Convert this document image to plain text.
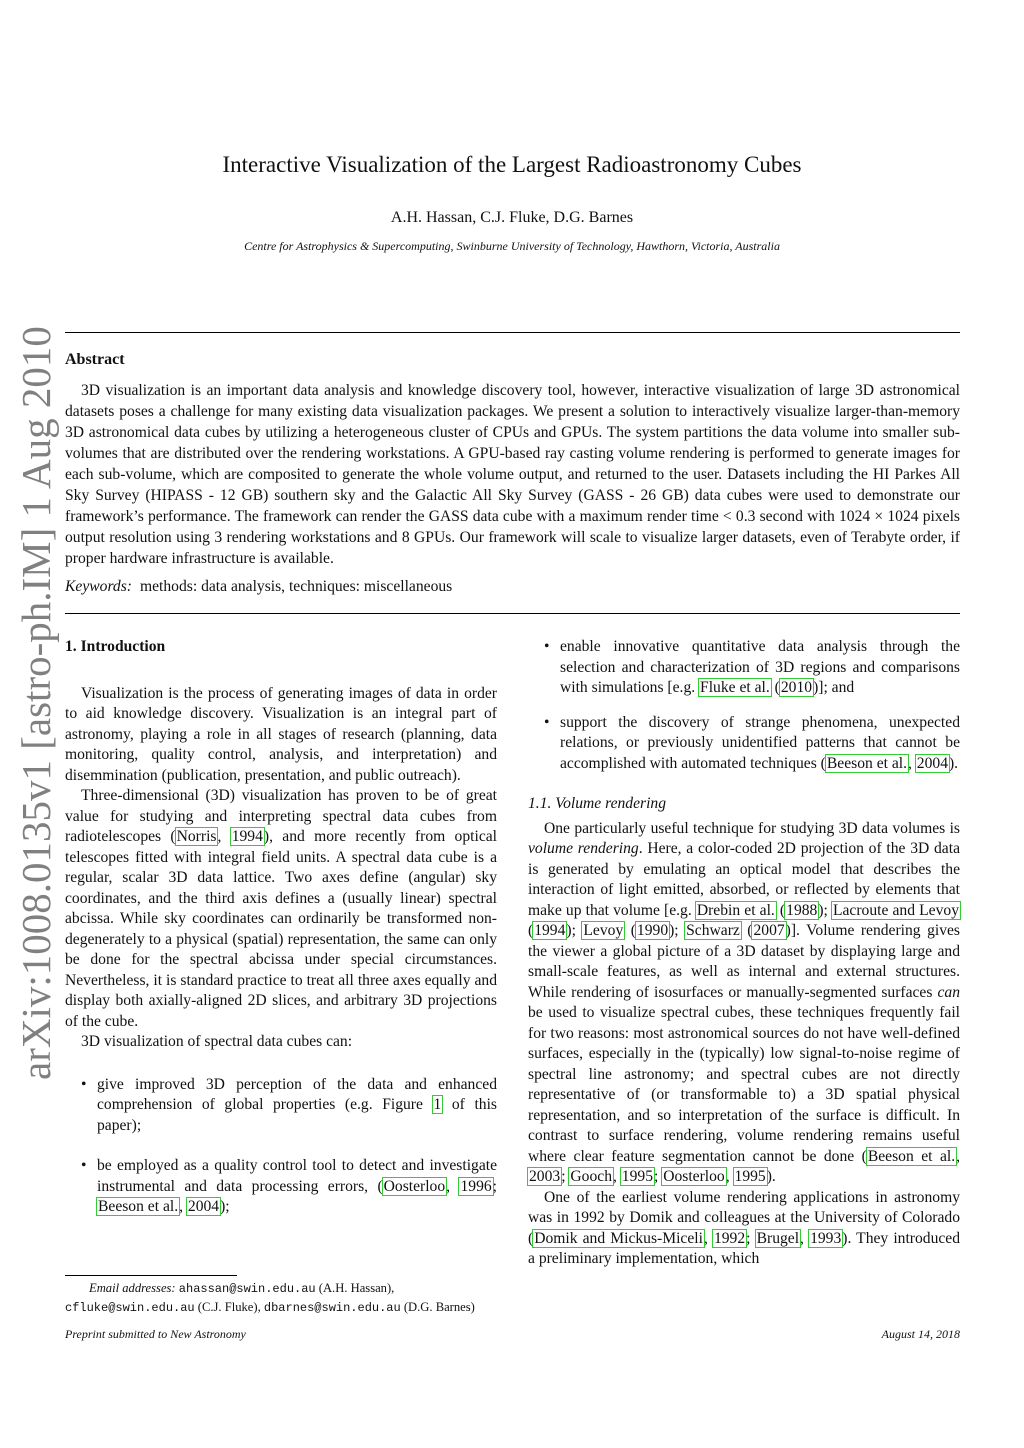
arXiv:1008.0135v1 [astro-ph.IM] 1 Aug 2010
Interactive Visualization of the Largest Radioastronomy Cubes
A.H. Hassan, C.J. Fluke, D.G. Barnes
Centre for Astrophysics & Supercomputing, Swinburne University of Technology, Hawthorn, Victoria, Australia
Abstract

3D visualization is an important data analysis and knowledge discovery tool, however, interactive visualization of large 3D astronomical datasets poses a challenge for many existing data visualization packages. We present a solution to interactively visualize larger-than-memory 3D astronomical data cubes by utilizing a heterogeneous cluster of CPUs and GPUs. The system partitions the data volume into smaller sub-volumes that are distributed over the rendering workstations. A GPU-based ray casting volume rendering is performed to generate images for each sub-volume, which are composited to generate the whole volume output, and returned to the user. Datasets including the HI Parkes All Sky Survey (HIPASS - 12 GB) southern sky and the Galactic All Sky Survey (GASS - 26 GB) data cubes were used to demonstrate our framework’s performance. The framework can render the GASS data cube with a maximum render time < 0.3 second with 1024 × 1024 pixels output resolution using 3 rendering workstations and 8 GPUs. Our framework will scale to visualize larger datasets, even of Terabyte order, if proper hardware infrastructure is available.

Keywords: methods: data analysis, techniques: miscellaneous
1. Introduction

Visualization is the process of generating images of data in order to aid knowledge discovery. Visualization is an integral part of astronomy, playing a role in all stages of research (planning, data monitoring, quality control, analysis, and interpretation) and disemmination (publication, presentation, and public outreach).

Three-dimensional (3D) visualization has proven to be of great value for studying and interpreting spectral data cubes from radiotelescopes (Norris, 1994), and more recently from optical telescopes fitted with integral field units. A spectral data cube is a regular, scalar 3D data lattice. Two axes define (angular) sky coordinates, and the third axis defines a (usually linear) spectral abcissa. While sky coordinates can ordinarily be transformed non-degenerately to a physical (spatial) representation, the same can only be done for the spectral abcissa under special circumstances. Nevertheless, it is standard practice to treat all three axes equally and display both axially-aligned 2D slices, and arbitrary 3D projections of the cube.

3D visualization of spectral data cubes can:

• give improved 3D perception of the data and enhanced comprehension of global properties (e.g. Figure 1 of this paper);
• be employed as a quality control tool to detect and investigate instrumental and data processing errors, (Oosterloo, 1996; Beeson et al., 2004);
• enable innovative quantitative data analysis through the selection and characterization of 3D regions and comparisons with simulations [e.g. Fluke et al. (2010)]; and
• support the discovery of strange phenomena, unexpected relations, or previously unidentified patterns that cannot be accomplished with automated techniques (Beeson et al., 2004).
1.1. Volume rendering

One particularly useful technique for studying 3D data volumes is volume rendering. Here, a color-coded 2D projection of the 3D data is generated by emulating an optical model that describes the interaction of light emitted, absorbed, or reflected by elements that make up that volume [e.g. Drebin et al. (1988); Lacroute and Levoy (1994); Levoy (1990); Schwarz (2007)]. Volume rendering gives the viewer a global picture of a 3D dataset by displaying large and small-scale features, as well as internal and external structures. While rendering of isosurfaces or manually-segmented surfaces can be used to visualize spectral cubes, these techniques frequently fail for two reasons: most astronomical sources do not have well-defined surfaces, especially in the (typically) low signal-to-noise regime of spectral line astronomy; and spectral cubes are not directly representative of (or transformable to) a 3D spatial physical representation, and so interpretation of the surface is difficult. In contrast to surface rendering, volume rendering remains useful where clear feature segmentation cannot be done (Beeson et al., 2003; Gooch, 1995; Oosterloo, 1995).

One of the earliest volume rendering applications in astronomy was in 1992 by Domik and colleagues at the University of Colorado (Domik and Mickus-Miceli, 1992; Brugel, 1993). They introduced a preliminary implementation, which

Email addresses: ahassan@swin.edu.au (A.H. Hassan),
cfluke@swin.edu.au (C.J. Fluke), dbarnes@swin.edu.au (D.G. Barnes)
Preprint submitted to New Astronomy	August 14, 2018
